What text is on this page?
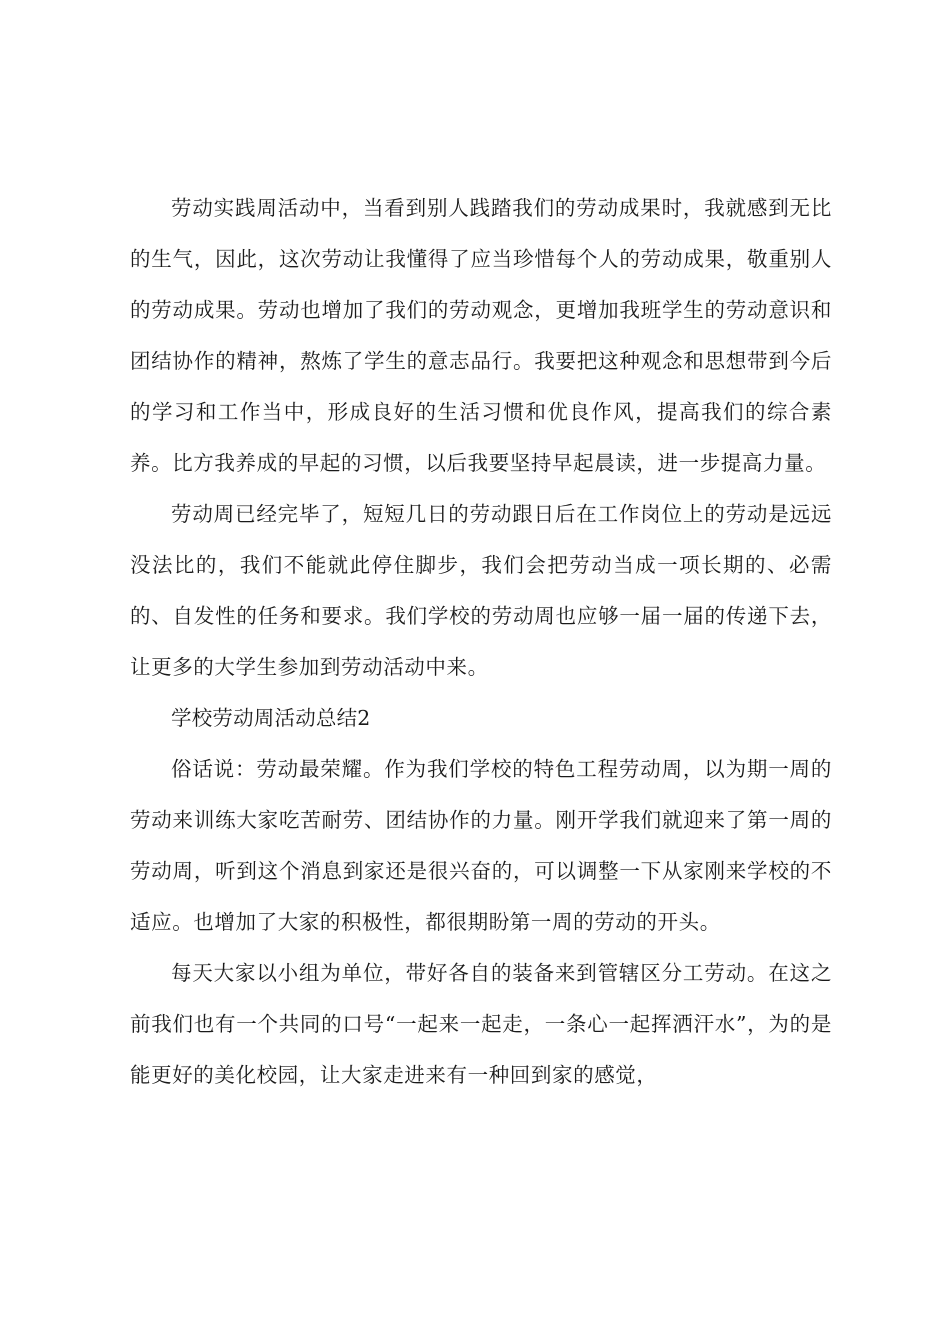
劳动实践周活动中，当看到别人践踏我们的劳动成果时，我就感到无比的生气，因此，这次劳动让我懂得了应当珍惜每个人的劳动成果，敬重别人的劳动成果。劳动也增加了我们的劳动观念，更增加我班学生的劳动意识和团结协作的精神，熬炼了学生的意志品行。我要把这种观念和思想带到今后的学习和工作当中，形成良好的生活习惯和优良作风，提高我们的综合素养。比方我养成的早起的习惯，以后我要坚持早起晨读，进一步提高力量。

劳动周已经完毕了，短短几日的劳动跟日后在工作岗位上的劳动是远远没法比的，我们不能就此停住脚步，我们会把劳动当成一项长期的、必需的、自发性的任务和要求。我们学校的劳动周也应够一届一届的传递下去，让更多的大学生参加到劳动活动中来。

学校劳动周活动总结2

俗话说：劳动最荣耀。作为我们学校的特色工程劳动周，以为期一周的劳动来训练大家吃苦耐劳、团结协作的力量。刚开学我们就迎来了第一周的劳动周，听到这个消息到家还是很兴奋的，可以调整一下从家刚来学校的不适应。也增加了大家的积极性，都很期盼第一周的劳动的开头。

每天大家以小组为单位，带好各自的装备来到管辖区分工劳动。在这之前我们也有一个共同的口号“一起来一起走，一条心一起挥洒汗水”，为的是能更好的美化校园，让大家走进来有一种回到家的感觉，
